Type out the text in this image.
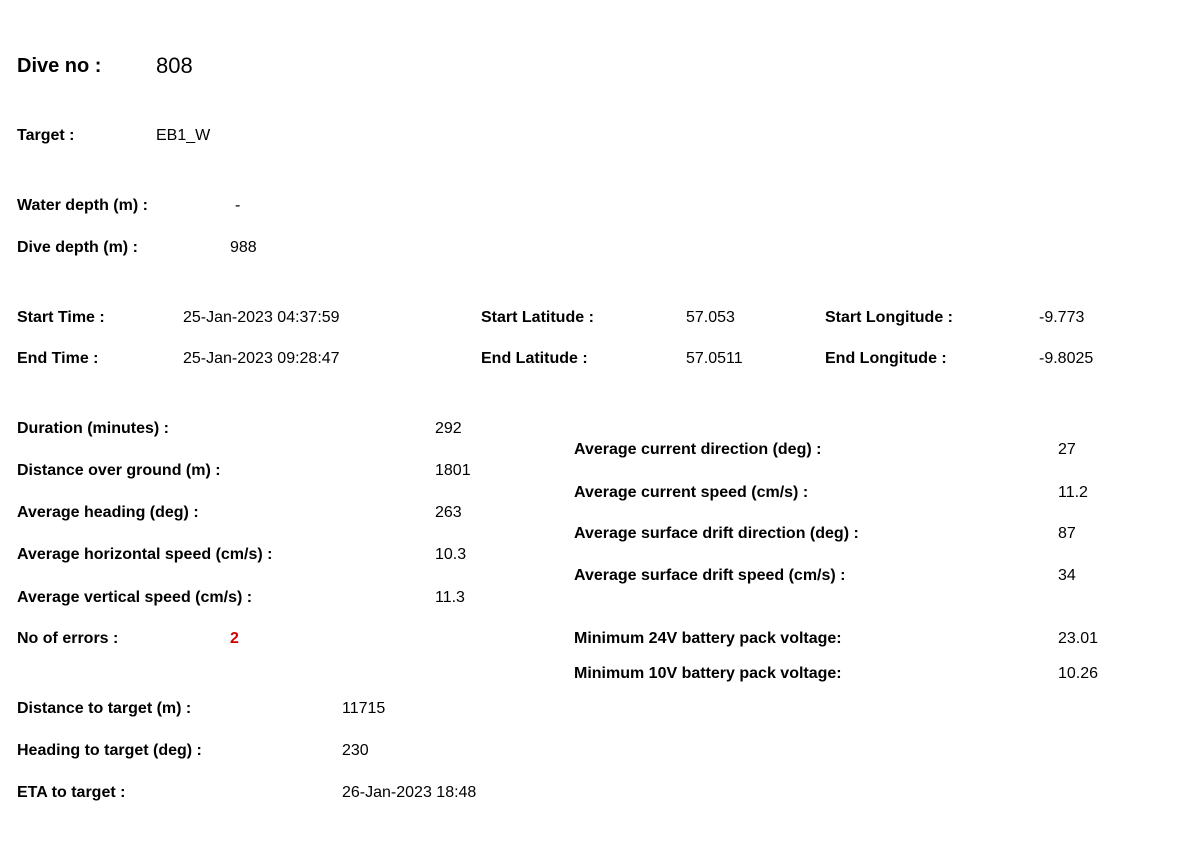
Dive no : 808
Target :	EB1_W
Water depth (m) :	-
Dive depth (m) :	988
Start Time :	25-Jan-2023 04:37:59	Start Latitude :	57.053	Start Longitude :	-9.773
End Time :	25-Jan-2023 09:28:47	End Latitude :	57.0511	End Longitude :	-9.8025
Duration (minutes) :	292
Distance over ground (m) :	1801
Average heading (deg) :	263
Average horizontal speed (cm/s) :	10.3
Average vertical speed (cm/s) :	11.3
No of errors :	2
Average current direction (deg) :	27
Average current speed (cm/s) :	11.2
Average surface drift direction (deg) :	87
Average surface drift speed (cm/s) :	34
Minimum 24V battery pack voltage:	23.01
Minimum 10V battery pack voltage:	10.26
Distance to target (m) :	11715
Heading to target (deg) :	230
ETA to target :	26-Jan-2023 18:48
